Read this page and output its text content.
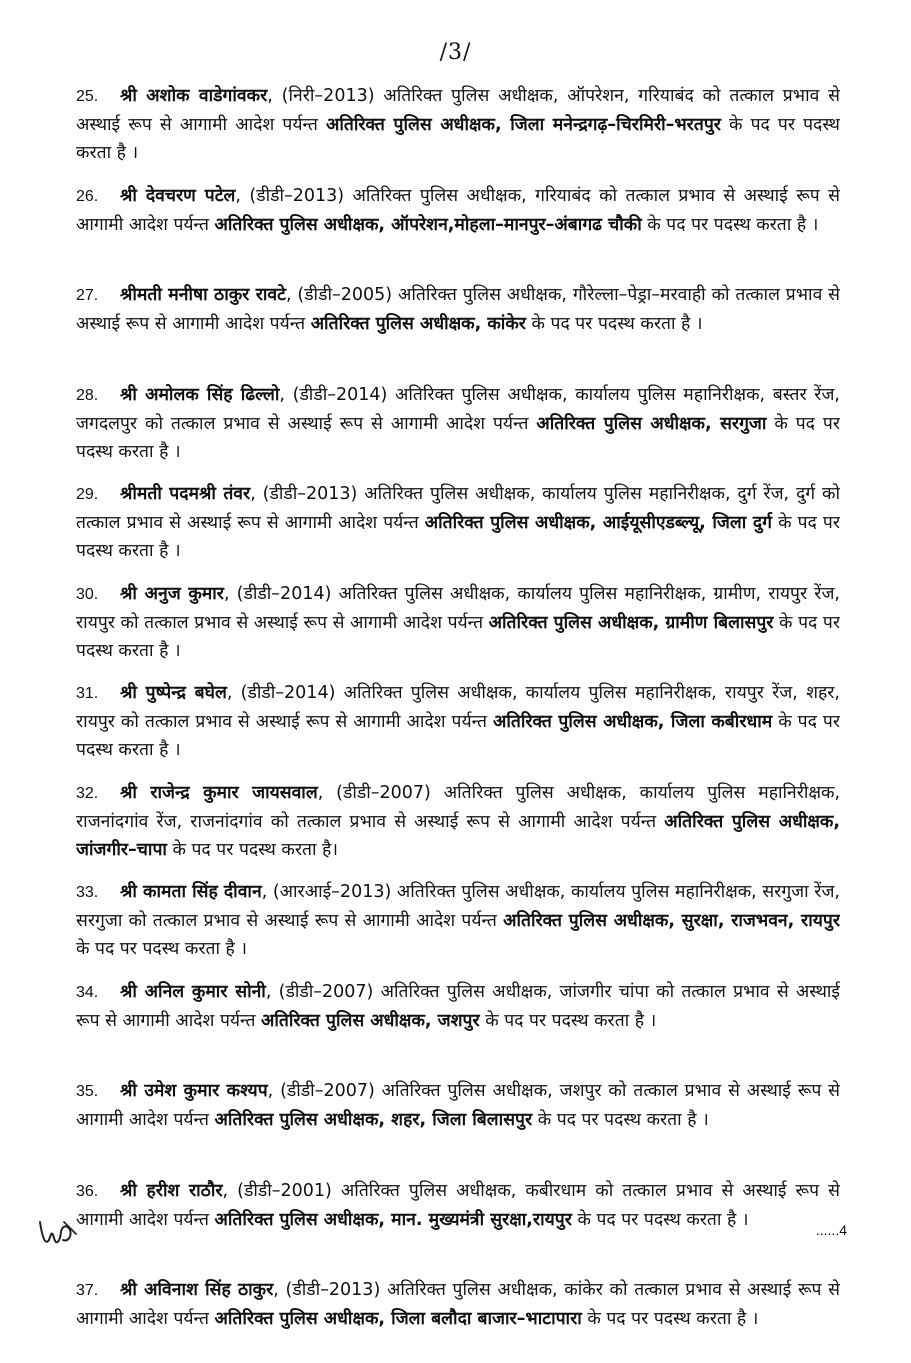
/3/

25. श्री अशोक वाडेगांवकर, (निरी–2013) अतिरिक्त पुलिस अधीक्षक, ऑपरेशन, गरियाबंद को तत्काल प्रभाव से अस्थाई रूप से आगामी आदेश पर्यन्त अतिरिक्त पुलिस अधीक्षक, जिला मनेन्द्रगढ़–चिरमिरी–भरतपुर के पद पर पदस्थ करता है ।

26. श्री देवचरण पटेल, (डीडी–2013) अतिरिक्त पुलिस अधीक्षक, गरियाबंद को तत्काल प्रभाव से अस्थाई रूप से आगामी आदेश पर्यन्त अतिरिक्त पुलिस अधीक्षक, ऑपरेशन,मोहला–मानपुर–अंबागढ चौकी के पद पर पदस्थ करता है ।

27. श्रीमती मनीषा ठाकुर रावटे, (डीडी–2005) अतिरिक्त पुलिस अधीक्षक, गौरेल्ला–पेड्रा–मरवाही को तत्काल प्रभाव से अस्थाई रूप से आगामी आदेश पर्यन्त अतिरिक्त पुलिस अधीक्षक, कांकेर के पद पर पदस्थ करता है ।

28. श्री अमोलक सिंह ढिल्लो, (डीडी–2014) अतिरिक्त पुलिस अधीक्षक, कार्यालय पुलिस महानिरीक्षक, बस्तर रेंज, जगदलपुर को तत्काल प्रभाव से अस्थाई रूप से आगामी आदेश पर्यन्त अतिरिक्त पुलिस अधीक्षक, सरगुजा के पद पर पदस्थ करता है ।

29. श्रीमती पदमश्री तंवर, (डीडी–2013) अतिरिक्त पुलिस अधीक्षक, कार्यालय पुलिस महानिरीक्षक, दुर्ग रेंज, दुर्ग को तत्काल प्रभाव से अस्थाई रूप से आगामी आदेश पर्यन्त अतिरिक्त पुलिस अधीक्षक, आईयूसीएडब्ल्यू, जिला दुर्ग के पद पर पदस्थ करता है ।

30. श्री अनुज कुमार, (डीडी–2014) अतिरिक्त पुलिस अधीक्षक, कार्यालय पुलिस महानिरीक्षक, ग्रामीण, रायपुर रेंज, रायपुर को तत्काल प्रभाव से अस्थाई रूप से आगामी आदेश पर्यन्त अतिरिक्त पुलिस अधीक्षक, ग्रामीण बिलासपुर के पद पर पदस्थ करता है ।

31. श्री पुष्पेन्द्र बघेल, (डीडी–2014) अतिरिक्त पुलिस अधीक्षक, कार्यालय पुलिस महानिरीक्षक, रायपुर रेंज, शहर, रायपुर को तत्काल प्रभाव से अस्थाई रूप से आगामी आदेश पर्यन्त अतिरिक्त पुलिस अधीक्षक, जिला कबीरधाम के पद पर पदस्थ करता है ।

32. श्री राजेन्द्र कुमार जायसवाल, (डीडी–2007) अतिरिक्त पुलिस अधीक्षक, कार्यालय पुलिस महानिरीक्षक, राजनांदगांव रेंज, राजनांदगांव को तत्काल प्रभाव से अस्थाई रूप से आगामी आदेश पर्यन्त अतिरिक्त पुलिस अधीक्षक, जांजगीर–चापा के पद पर पदस्थ करता है।

33. श्री कामता सिंह दीवान, (आरआई–2013) अतिरिक्त पुलिस अधीक्षक, कार्यालय पुलिस महानिरीक्षक, सरगुजा रेंज, सरगुजा को तत्काल प्रभाव से अस्थाई रूप से आगामी आदेश पर्यन्त अतिरिक्त पुलिस अधीक्षक, सुरक्षा, राजभवन, रायपुर के पद पर पदस्थ करता है ।

34. श्री अनिल कुमार सोनी, (डीडी–2007) अतिरिक्त पुलिस अधीक्षक, जांजगीर चांपा को तत्काल प्रभाव से अस्थाई रूप से आगामी आदेश पर्यन्त अतिरिक्त पुलिस अधीक्षक, जशपुर के पद पर पदस्थ करता है ।

35. श्री उमेश कुमार कश्यप, (डीडी–2007) अतिरिक्त पुलिस अधीक्षक, जशपुर को तत्काल प्रभाव से अस्थाई रूप से आगामी आदेश पर्यन्त अतिरिक्त पुलिस अधीक्षक, शहर, जिला बिलासपुर के पद पर पदस्थ करता है ।

36. श्री हरीश राठौर, (डीडी–2001) अतिरिक्त पुलिस अधीक्षक, कबीरधाम को तत्काल प्रभाव से अस्थाई रूप से आगामी आदेश पर्यन्त अतिरिक्त पुलिस अधीक्षक, मान. मुख्यमंत्री सुरक्षा,रायपुर के पद पर पदस्थ करता है ।

37. श्री अविनाश सिंह ठाकुर, (डीडी–2013) अतिरिक्त पुलिस अधीक्षक, कांकेर को तत्काल प्रभाव से अस्थाई रूप से आगामी आदेश पर्यन्त अतिरिक्त पुलिस अधीक्षक, जिला बलौदा बाजार–भाटापारा के पद पर पदस्थ करता है ।

......4
